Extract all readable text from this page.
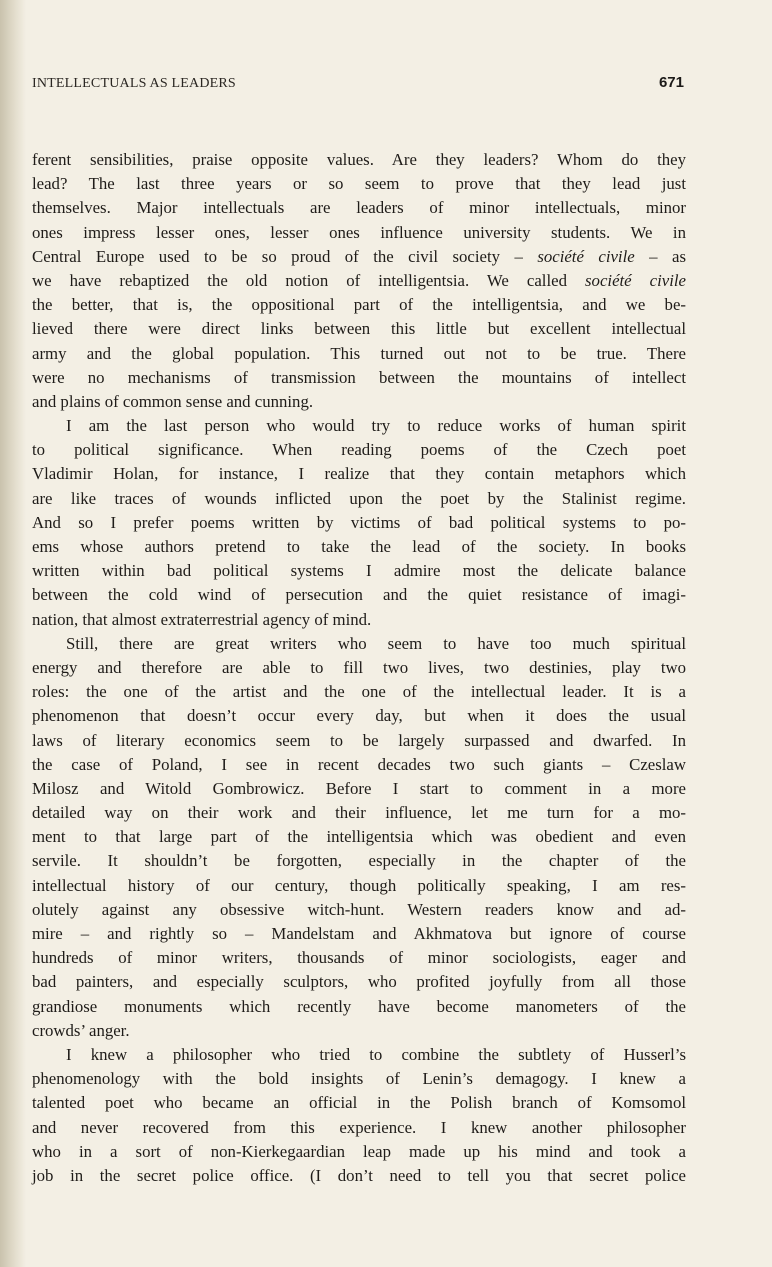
INTELLECTUALS AS LEADERS	671
ferent sensibilities, praise opposite values. Are they leaders? Whom do they
lead? The last three years or so seem to prove that they lead just
themselves. Major intellectuals are leaders of minor intellectuals, minor
ones impress lesser ones, lesser ones influence university students. We in
Central Europe used to be so proud of the civil society – société civile – as
we have rebaptized the old notion of intelligentsia. We called société civile
the better, that is, the oppositional part of the intelligentsia, and we be-
lieved there were direct links between this little but excellent intellectual
army and the global population. This turned out not to be true. There
were no mechanisms of transmission between the mountains of intellect
and plains of common sense and cunning.
I am the last person who would try to reduce works of human spirit
to political significance. When reading poems of the Czech poet
Vladimir Holan, for instance, I realize that they contain metaphors which
are like traces of wounds inflicted upon the poet by the Stalinist regime.
And so I prefer poems written by victims of bad political systems to po-
ems whose authors pretend to take the lead of the society. In books
written within bad political systems I admire most the delicate balance
between the cold wind of persecution and the quiet resistance of imagi-
nation, that almost extraterrestrial agency of mind.
Still, there are great writers who seem to have too much spiritual
energy and therefore are able to fill two lives, two destinies, play two
roles: the one of the artist and the one of the intellectual leader. It is a
phenomenon that doesn’t occur every day, but when it does the usual
laws of literary economics seem to be largely surpassed and dwarfed. In
the case of Poland, I see in recent decades two such giants – Czeslaw
Milosz and Witold Gombrowicz. Before I start to comment in a more
detailed way on their work and their influence, let me turn for a mo-
ment to that large part of the intelligentsia which was obedient and even
servile. It shouldn’t be forgotten, especially in the chapter of the
intellectual history of our century, though politically speaking, I am res-
olutely against any obsessive witch-hunt. Western readers know and ad-
mire – and rightly so – Mandelstam and Akhmatova but ignore of course
hundreds of minor writers, thousands of minor sociologists, eager and
bad painters, and especially sculptors, who profited joyfully from all those
grandiose monuments which recently have become manometers of the
crowds’ anger.
I knew a philosopher who tried to combine the subtlety of Husserl’s
phenomenology with the bold insights of Lenin’s demagogy. I knew a
talented poet who became an official in the Polish branch of Komsomol
and never recovered from this experience. I knew another philosopher
who in a sort of non-Kierkegaardian leap made up his mind and took a
job in the secret police office. (I don’t need to tell you that secret police
